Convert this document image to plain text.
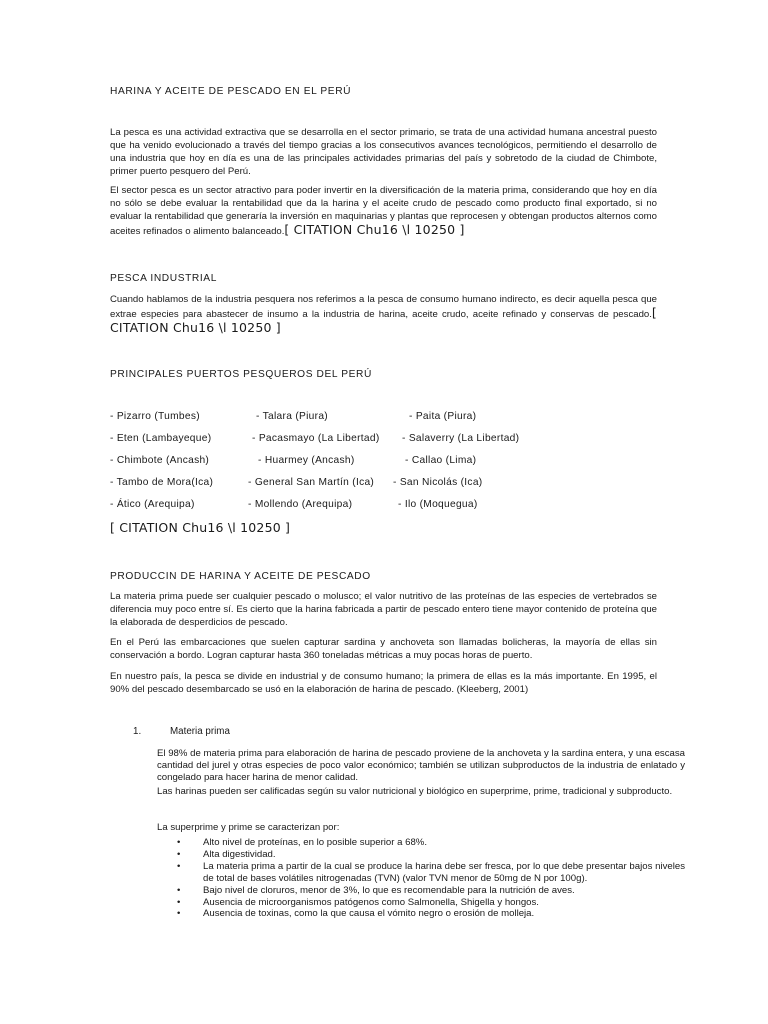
HARINA Y ACEITE DE PESCADO EN EL PERÚ

La pesca es una actividad extractiva que se desarrolla en el sector primario, se trata de una actividad humana ancestral puesto que ha venido evolucionado a través del tiempo gracias a los consecutivos avances tecnológicos, permitiendo el desarrollo de una industria que hoy en día es una de las principales actividades primarias del país y sobretodo de la ciudad de Chimbote, primer puerto pesquero del Perú.

El sector pesca es un sector atractivo para poder invertir en la diversificación de la materia prima, considerando que hoy en día no sólo se debe evaluar la rentabilidad que da la harina y el aceite crudo de pescado como producto final exportado, si no evaluar la rentabilidad que generaría la inversión en maquinarias y plantas que reprocesen y obtengan productos alternos como aceites refinados o alimento balanceado.[ CITATION Chu16 \l 10250 ]

PESCA INDUSTRIAL

Cuando hablamos de la industria pesquera nos referimos a la pesca de consumo humano indirecto, es decir aquella pesca que extrae especies para abastecer de insumo a la industria de harina, aceite crudo, aceite refinado y conservas de pescado.[ CITATION Chu16 \l 10250 ]

PRINCIPALES PUERTOS PESQUEROS DEL PERÚ
- Pizarro (Tumbes)	- Talara (Piura)	- Paita (Piura)
- Eten (Lambayeque)	- Pacasmayo (La Libertad) - Salaverry (La Libertad)
- Chimbote (Ancash)	- Huarmey (Ancash)	- Callao (Lima)
- Tambo de Mora(Ica)	- General San Martín (Ica) - San Nicolás (Ica)
- Ático (Arequipa)	- Mollendo (Arequipa)	- Ilo (Moquegua)
[ CITATION Chu16 \l 10250 ]
PRODUCCIN DE HARINA Y ACEITE DE PESCADO

La materia prima puede ser cualquier pescado o molusco; el valor nutritivo de las proteínas de las especies de vertebrados se diferencia muy poco entre sí. Es cierto que la harina fabricada a partir de pescado entero tiene mayor contenido de proteína que la elaborada de desperdicios de pescado.

En el Perú las embarcaciones que suelen capturar sardina y anchoveta son llamadas bolicheras, la mayoría de ellas sin conservación a bordo. Logran capturar hasta 360 toneladas métricas a muy pocas horas de puerto.

En nuestro país, la pesca se divide en industrial y de consumo humano; la primera de ellas es la más importante. En 1995, el 90% del pescado desembarcado se usó en la elaboración de harina de pescado. (Kleeberg, 2001)

1.	Materia prima

El 98% de materia prima para elaboración de harina de pescado proviene de la anchoveta y la sardina entera, y una escasa cantidad del jurel y otras especies de poco valor económico; también se utilizan subproductos de la industria de enlatado y congelado para hacer harina de menor calidad.

Las harinas pueden ser calificadas según su valor nutricional y biológico en superprime, prime, tradicional y subproducto.

La superprime y prime se caracterizan por:

• Alto nivel de proteínas, en lo posible superior a 68%.
• Alta digestividad.
• La materia prima a partir de la cual se produce la harina debe ser fresca, por lo que debe presentar bajos niveles de total de bases volátiles nitrogenadas (TVN) (valor TVN menor de 50mg de N por 100g).
• Bajo nivel de cloruros, menor de 3%, lo que es recomendable para la nutrición de aves.
• Ausencia de microorganismos patógenos como Salmonella, Shigella y hongos.
• Ausencia de toxinas, como la que causa el vómito negro o erosión de molleja.
